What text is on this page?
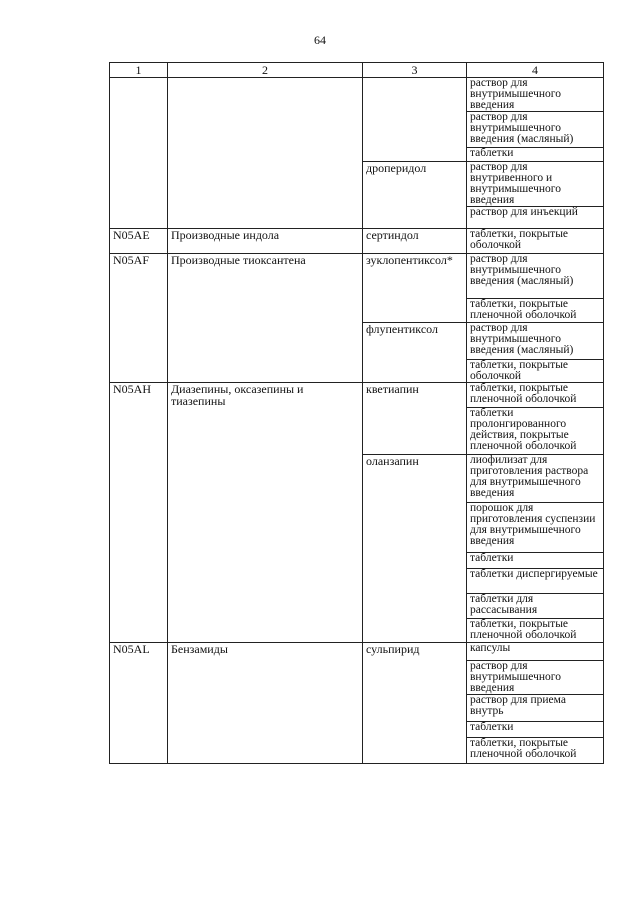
64
1	2	3	4
			раствор для внутримышечного введения
			раствор для внутримышечного введения (масляный)
			таблетки
		дроперидол	раствор для внутривенного и внутримышечного введения
			раствор для инъекций
N05AE	Производные индола	сертиндол	таблетки, покрытые оболочкой
N05AF	Производные тиоксантена	зуклопентиксол*	раствор для внутримышечного введения (масляный)
			таблетки, покрытые пленочной оболочкой
		флупентиксол	раствор для внутримышечного введения (масляный)
			таблетки, покрытые оболочкой
N05AH	Диазепины, оксазепины и тиазепины	кветиапин	таблетки, покрытые пленочной оболочкой
			таблетки пролонгированного действия, покрытые пленочной оболочкой
		оланзапин	лиофилизат для приготовления раствора для внутримышечного введения
			порошок для приготовления суспензии для внутримышечного введения
			таблетки
			таблетки диспергируемые
			таблетки для рассасывания
			таблетки, покрытые пленочной оболочкой
N05AL	Бензамиды	сульпирид	капсулы
			раствор для внутримышечного введения
			раствор для приема внутрь
			таблетки
			таблетки, покрытые пленочной оболочкой
